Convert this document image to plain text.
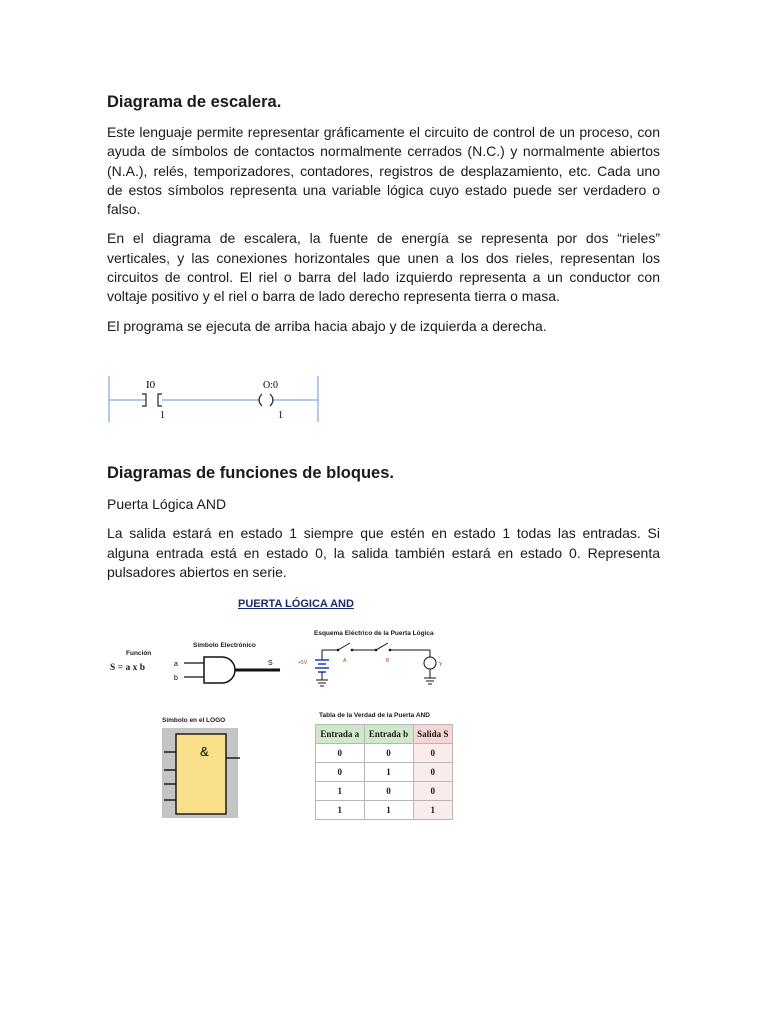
Diagrama de escalera.

Este lenguaje permite representar gráficamente el circuito de control de un proceso, con ayuda de símbolos de contactos normalmente cerrados (N.C.) y normalmente abiertos (N.A.), relés, temporizadores, contadores, registros de desplazamiento, etc. Cada uno de estos símbolos representa una variable lógica cuyo estado puede ser verdadero o falso.

En el diagrama de escalera, la fuente de energía se representa por dos “rieles” verticales, y las conexiones horizontales que unen a los dos rieles, representan los circuitos de control. El riel o barra del lado izquierdo representa a un conductor con voltaje positivo y el riel o barra de lado derecho representa tierra o masa.

El programa se ejecuta de arriba hacia abajo y de izquierda a derecha.

I0
1
O:0
1
Diagramas de funciones de bloques.

Puerta Lógica AND

La salida estará en estado 1 siempre que estén en estado 1 todas las entradas. Si alguna entrada está en estado 0, la salida también estará en estado 0. Representa pulsadores abiertos en serie.

PUERTA LÓGICA AND
Función
S = a x b
Símbolo Electrónico
a
b
S
Esquema Eléctrico de la Puerta Lógica
+5V	A	B
Y
Símbolo en el LOGO
&
Tabla de la Verdad de la Puerta AND
Entrada a	Entrada b	Salida S
0	0	0
0	1	0
1	0	0
1	1	1
